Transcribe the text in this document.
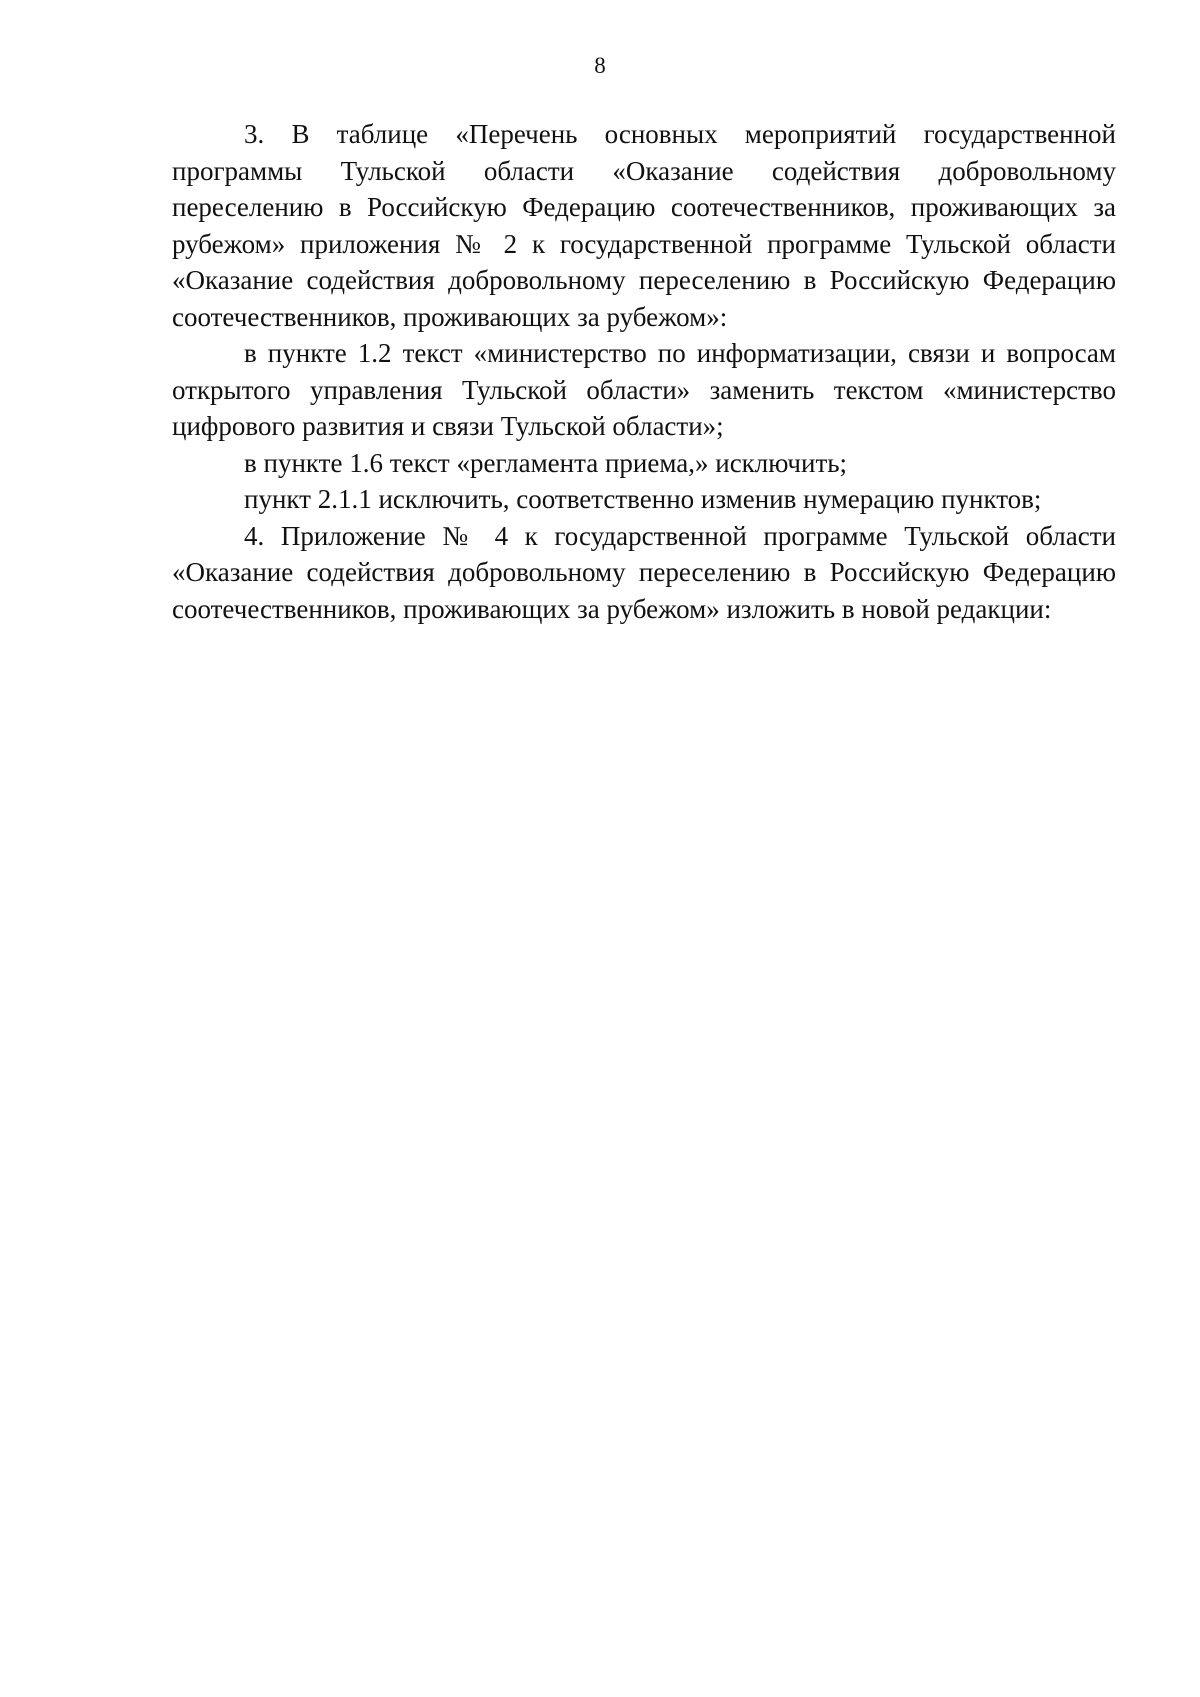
8

3. В таблице «Перечень основных мероприятий государственной программы Тульской области «Оказание содействия добровольному переселению в Российскую Федерацию соотечественников, проживающих за рубежом» приложения № 2 к государственной программе Тульской области «Оказание содействия добровольному переселению в Российскую Федерацию соотечественников, проживающих за рубежом»:

в пункте 1.2 текст «министерство по информатизации, связи и вопросам открытого управления Тульской области» заменить текстом «министерство цифрового развития и связи Тульской области»;

в пункте 1.6 текст «регламента приема,» исключить;

пункт 2.1.1 исключить, соответственно изменив нумерацию пунктов;

4. Приложение № 4 к государственной программе Тульской области «Оказание содействия добровольному переселению в Российскую Федерацию соотечественников, проживающих за рубежом» изложить в новой редакции:
